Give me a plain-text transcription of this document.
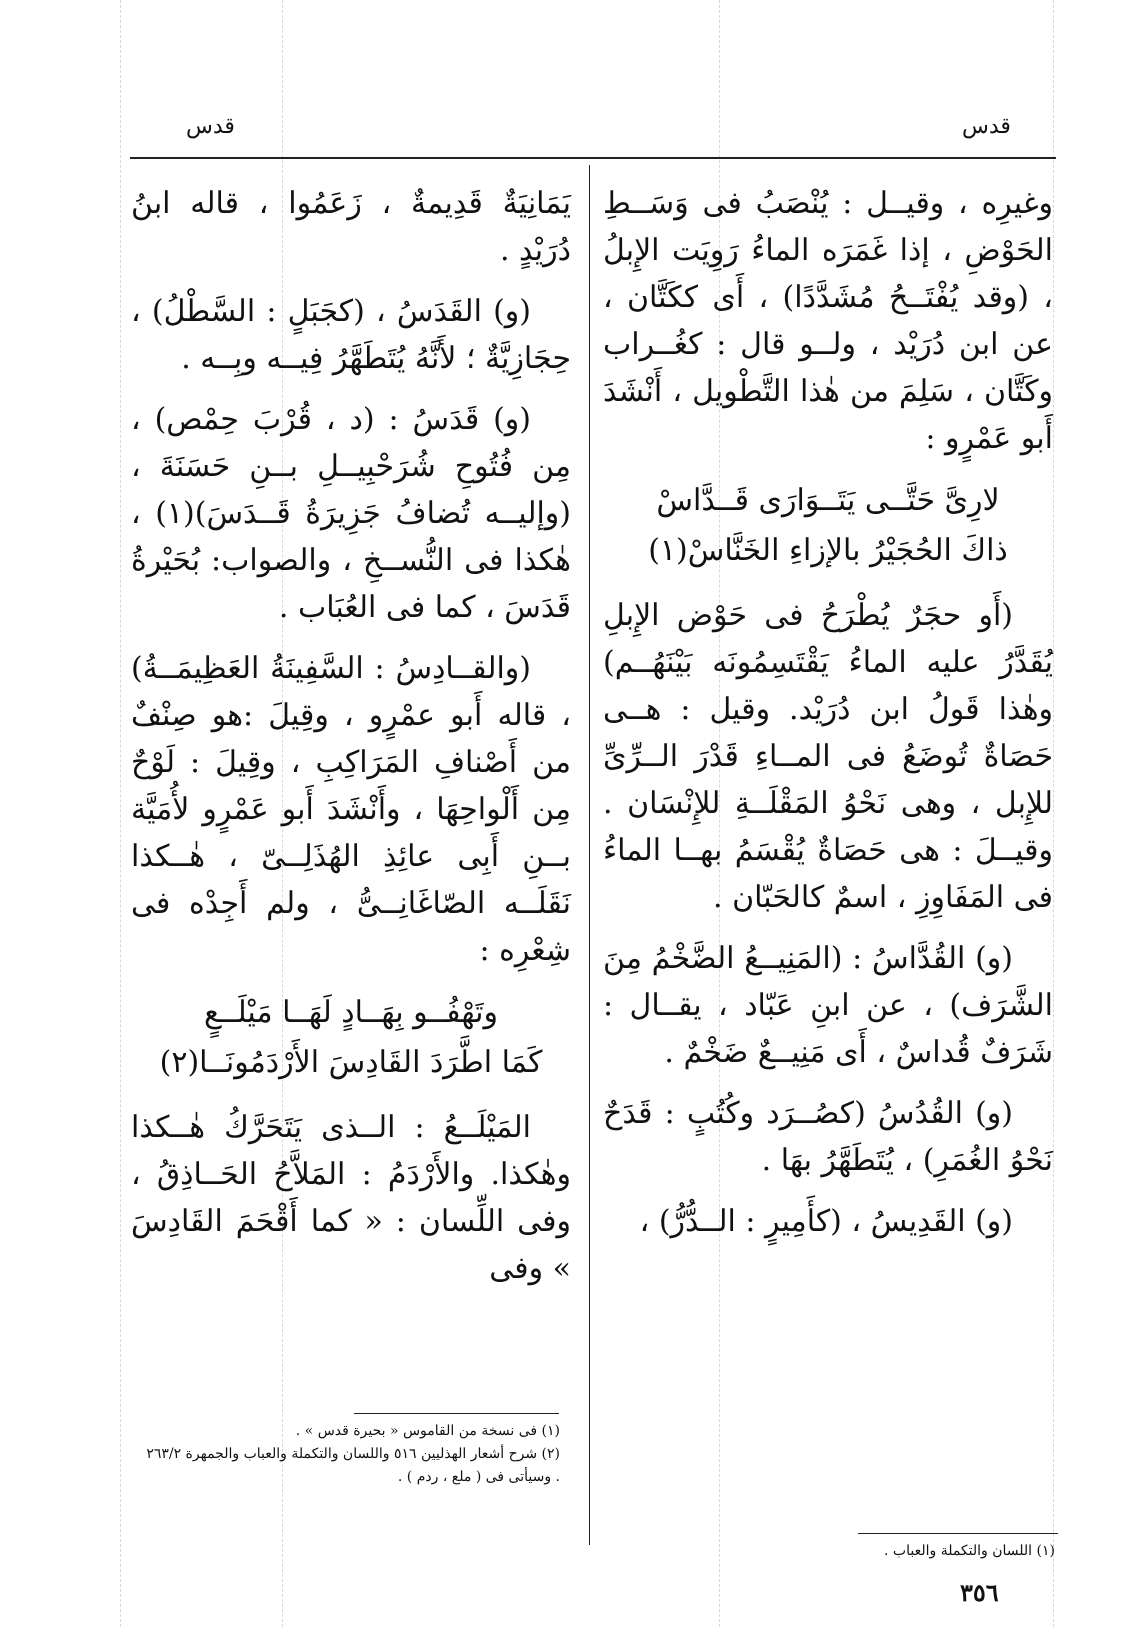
قدس	قدس

وغيرِه ، وقيــل : يُنْصَبُ فى وَسَــطِ الحَوْضِ ، إذا غَمَرَه الماءُ رَوِيَت الإِبلُ ، (وقد يُفْتَــحُ مُشَدَّدًا) ، أَى ككَتَّان ، عن ابن دُرَيْد ، ولــو قال : كغُــراب وكَتَّان ، سَلِمَ من هٰذا التَّطْويل ، أَنْشَدَ أَبو عَمْرٍو :

لارِىَّ حَتَّــى يَتَــوَارَى قَــدَّاسْ
ذاكَ الحُجَيْرُ بالإزاءِ الخَنَّاسْ(١)

(أَو حجَرٌ يُطْرَحُ فى حَوْض الإِبلِ يُقَدَّرُ عليه الماءُ يَقْتَسِمُونَه بَيْنَهُــم) وهٰذا قَولُ ابن دُرَيْد. وقيل : هــى حَصَاةٌ تُوضَعُ فى المــاءِ قَدْرَ الــرِّىِّ للإِبل ، وهى نَحْوُ المَقْلَــةِ للإِنْسَان . وقيــلَ : هى حَصَاةٌ يُقْسَمُ بهــا الماءُ فى المَفَاوِزِ ، اسمٌ كالحَبّان .

(و) القُدَّاسُ : (المَنِيــعُ الضَّخْمُ مِنَ الشَّرَف) ، عن ابنِ عَبّاد ، يقــال : شَرَفٌ قُداسٌ ، أَى مَنِيــعٌ ضَخْمٌ .

(و) القُدُسُ (كصُــرَد وكُتُبٍ : قَدَحٌ نَحْوُ الغُمَرِ) ، يُتَطَهَّرُ بهَا .

(و) القَدِيسُ ، (كأَمِيرٍ : الــدُّرُّ) ،

يَمَانِيَةٌ قَدِيمةٌ ، زَعَمُوا ، قاله ابنُ دُرَيْدٍ .

(و) القَدَسُ ، (كجَبَلٍ : السَّطْلُ) ، حِجَازِيَّةٌ ؛ لأَنَّهُ يُتَطَهَّرُ فِيــه وبِــه .

(و) قَدَسُ : (د ، قُرْبَ حِمْص) ، مِن فُتُوحِ شُرَحْبِيــلِ بــنِ حَسَنَةَ ، (وإليــه تُضافُ جَزِيرَةُ قَــدَسَ)(١) ، هٰكذا فى النُّســخِ ، والصواب: بُحَيْرةُ قَدَسَ ، كما فى العُبَاب .

(والقــادِسُ : السَّفِينَةُ العَظِيمَــةُ) ، قاله أَبو عمْرٍو ، وقِيلَ :هو صِنْفٌ من أَصْنافِ المَرَاكِبِ ، وقِيلَ : لَوْحٌ مِن أَلْواحِهَا ، وأَنْشَدَ أَبو عَمْرٍو لأُمَيَّة بــنِ أَبِى عائِذِ الهُذَلِــىّ ، هٰــكذا نَقَلَــه الصّاغَانِــىُّ ، ولم أَجِدْه فى شِعْرِه :

وتَهْفُــو بِهَــادٍ لَهَــا مَيْلَــعٍ
كَمَا اطَّرَدَ القَادِسَ الأَرْدَمُونَــا(٢)

المَيْلَــعُ : الــذى يَتَحَرَّكُ هٰــكذا وهٰكذا. والأَرْدَمُ : المَلاَّحُ الحَــاذِقُ ، وفى اللِّسان : « كما أَقْحَمَ القَادِسَ » وفى

(١) فى نسخة من القاموس « بحيرة قدس » .

(٢) شرح أشعار الهذليين ٥١٦ واللسان والتكملة والعباب والجمهرة ٢٦٣/٢ . وسيأتى فى ( ملع ، ردم ) .

(١) اللسان والتكملة والعباب .

٣٥٦
